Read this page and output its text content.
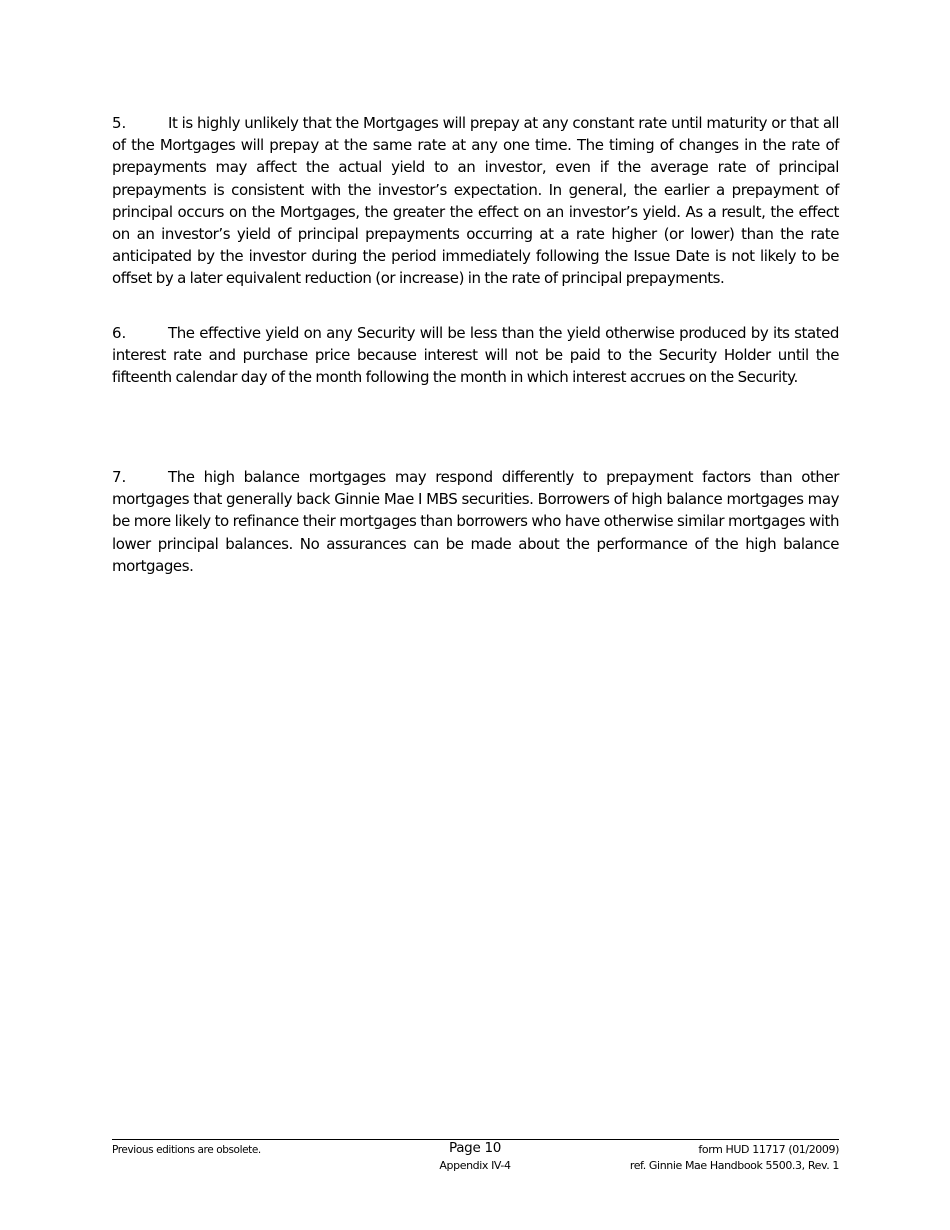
5.	It is highly unlikely that the Mortgages will prepay at any constant rate until maturity or that all of the Mortgages will prepay at the same rate at any one time. The timing of changes in the rate of prepayments may affect the actual yield to an investor, even if the average rate of principal prepayments is consistent with the investor’s expectation. In general, the earlier a prepayment of principal occurs on the Mortgages, the greater the effect on an investor’s yield. As a result, the effect on an investor’s yield of principal prepayments occurring at a rate higher (or lower) than the rate anticipated by the investor during the period immediately following the Issue Date is not likely to be offset by a later equivalent reduction (or increase) in the rate of principal prepayments.

6.	The effective yield on any Security will be less than the yield otherwise produced by its stated interest rate and purchase price because interest will not be paid to the Security Holder until the fifteenth calendar day of the month following the month in which interest accrues on the Security.

7.	The high balance mortgages may respond differently to prepayment factors than other mortgages that generally back Ginnie Mae I MBS securities. Borrowers of high balance mortgages may be more likely to refinance their mortgages than borrowers who have otherwise similar mortgages with lower principal balances. No assurances can be made about the performance of the high balance mortgages.

Previous editions are obsolete.	Page 10
Appendix IV-4
form HUD 11717 (01/2009)
ref. Ginnie Mae Handbook 5500.3, Rev. 1
